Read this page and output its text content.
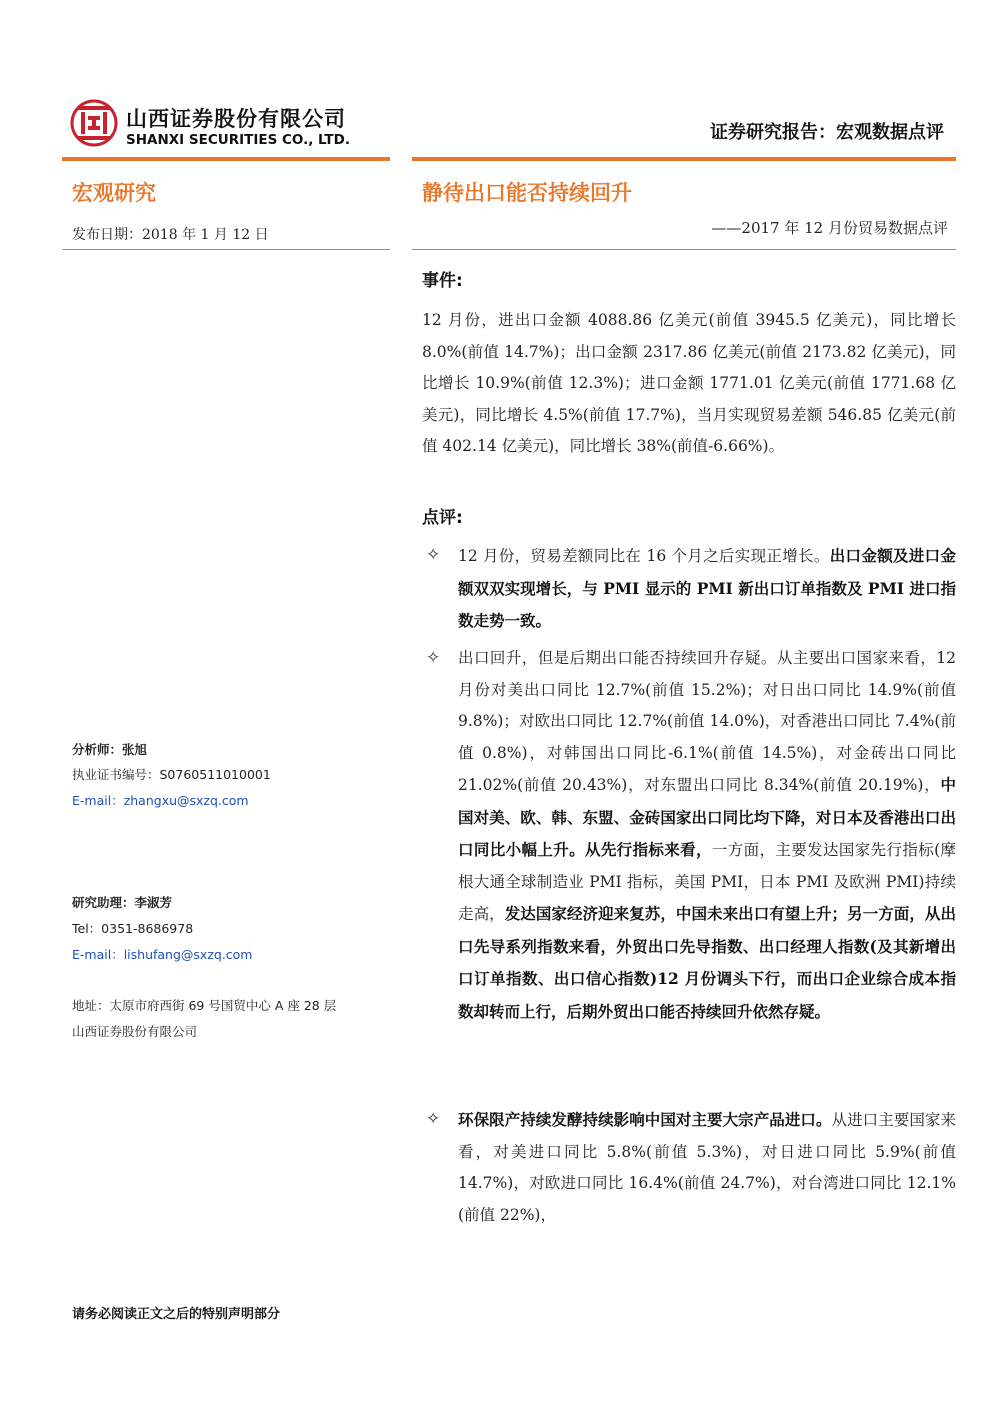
山西证券股份有限公司
SHANXI SECURITIES CO., LTD.	证券研究报告：宏观数据点评
宏观研究	静待出口能否持续回升
发布日期：2018 年 1 月 12 日	——2017 年 12 月份贸易数据点评
事件:
12 月份，进出口金额 4088.86 亿美元(前值 3945.5 亿美元)，同比增长 8.0%(前值 14.7%)；出口金额 2317.86 亿美元(前值 2173.82 亿美元)，同比增长 10.9%(前值 12.3%)；进口金额 1771.01 亿美元(前值 1771.68 亿美元)，同比增长 4.5%(前值 17.7%)，当月实现贸易差额 546.85 亿美元(前值 402.14 亿美元)，同比增长 38%(前值-6.66%)。
点评:
✧ 12 月份，贸易差额同比在 16 个月之后实现正增长。出口金额及进口金额双双实现增长，与 PMI 显示的 PMI 新出口订单指数及 PMI 进口指数走势一致。
✧ 出口回升，但是后期出口能否持续回升存疑。从主要出口国家来看，12 月份对美出口同比 12.7%(前值 15.2%)；对日出口同比 14.9%(前值 9.8%)；对欧出口同比 12.7%(前值 14.0%)，对香港出口同比 7.4%(前值 0.8%)，对韩国出口同比-6.1%(前值 14.5%)，对金砖出口同比 21.02%(前值 20.43%)，对东盟出口同比 8.34%(前值 20.19%)，中国对美、欧、韩、东盟、金砖国家出口同比均下降，对日本及香港出口出口同比小幅上升。从先行指标来看，一方面，主要发达国家先行指标(摩根大通全球制造业 PMI 指标，美国 PMI，日本 PMI 及欧洲 PMI)持续走高，发达国家经济迎来复苏，中国未来出口有望上升；另一方面，从出口先导系列指数来看，外贸出口先导指数、出口经理人指数(及其新增出口订单指数、出口信心指数)12 月份调头下行，而出口企业综合成本指数却转而上行，后期外贸出口能否持续回升依然存疑。
✧ 环保限产持续发酵持续影响中国对主要大宗产品进口。从进口主要国家来看，对美进口同比 5.8%(前值 5.3%)，对日进口同比 5.9%(前值 14.7%)，对欧进口同比 16.4%(前值 24.7%)，对台湾进口同比 12.1%(前值 22%)，
分析师：张旭
执业证书编号：S0760511010001
E-mail：zhangxu@sxzq.com
研究助理：李淑芳
Tel：0351-8686978
E-mail：lishufang@sxzq.com
地址：太原市府西街 69 号国贸中心 A 座 28 层
山西证券股份有限公司
请务必阅读正文之后的特别声明部分
